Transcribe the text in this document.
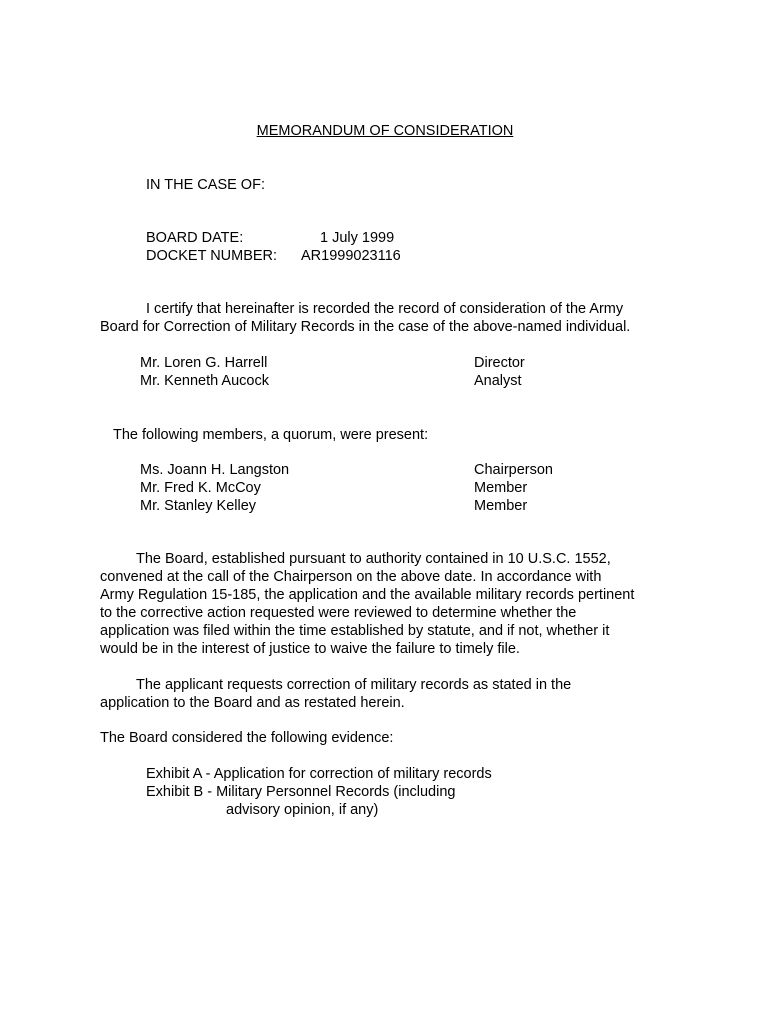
MEMORANDUM OF CONSIDERATION
IN THE CASE OF:
BOARD DATE:	1 July 1999
DOCKET NUMBER: AR1999023116
I certify that hereinafter is recorded the record of consideration of the Army
Board for Correction of Military Records in the case of the above-named individual.
Mr. Loren G. Harrell	Director
Mr. Kenneth Aucock	Analyst
The following members, a quorum, were present:
Ms. Joann H. Langston	Chairperson
Mr. Fred K. McCoy	Member
Mr. Stanley Kelley	Member
The Board, established pursuant to authority contained in 10 U.S.C. 1552,
convened at the call of the Chairperson on the above date. In accordance with
Army Regulation 15-185, the application and the available military records pertinent
to the corrective action requested were reviewed to determine whether the
application was filed within the time established by statute, and if not, whether it
would be in the interest of justice to waive the failure to timely file.
The applicant requests correction of military records as stated in the
application to the Board and as restated herein.
The Board considered the following evidence:
Exhibit A - Application for correction of military records
Exhibit B - Military Personnel Records (including
advisory opinion, if any)
